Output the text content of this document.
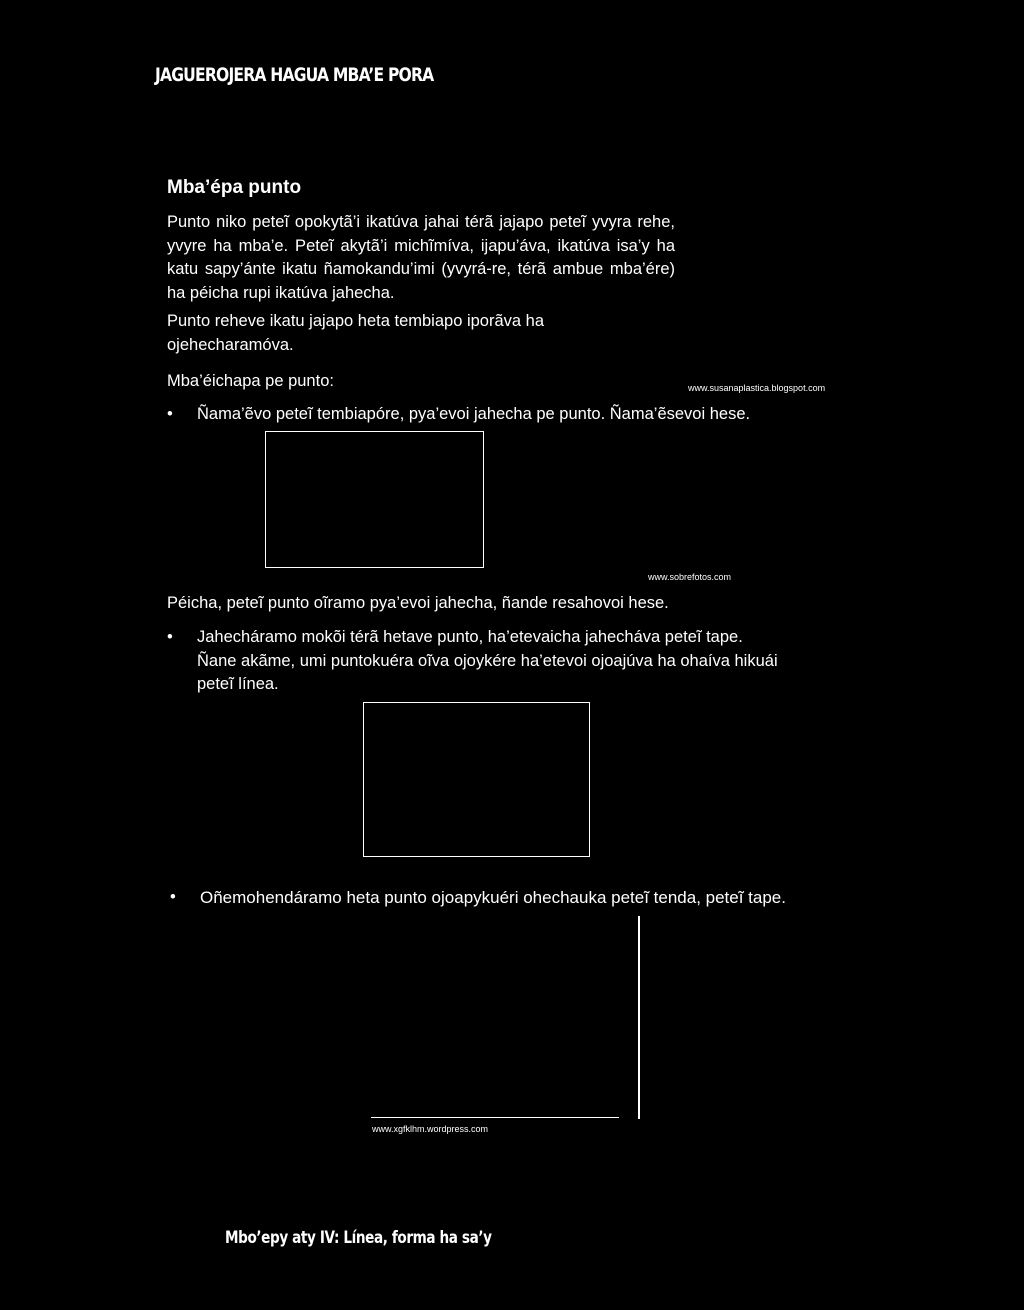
JAGUEROJERA HAGUA MBA’E PORA
Mba’épa punto
Punto niko peteĩ opokytã’i ikatúva jahai térã jajapo peteĩ yvyra rehe, yvyre ha mba’e. Peteĩ akytã’i michĩmíva, ijapu’áva, ikatúva isa’y ha katu sapy’ánte ikatu ñamokandu’imi (yvyrá-re, térã ambue mba’ére) ha péicha rupi ikatúva jahecha.
Punto reheve ikatu jajapo heta tembiapo iporãva ha ojehecharamóva.
Mba’éichapa pe punto:	www.susanaplastica.blogspot.com
• Ñama’ẽvo peteĩ tembiapóre, pya’evoi jahecha pe punto. Ñama’ẽsevoi hese.
www.sobrefotos.com
Péicha, peteĩ punto oĩramo pya’evoi jahecha, ñande resahovoi hese.
• Jahecháramo mokõi térã hetave punto, ha’etevaicha jahecháva peteĩ tape.
Ñane akãme, umi puntokuéra oĩva ojoykére ha’etevoi ojoajúva ha ohaíva hikuái
peteĩ línea.
• Oñemohendáramo heta punto ojoapykuéri ohechauka peteĩ tenda, peteĩ tape.
www.xgfklhm.wordpress.com
Mbo’epy aty IV: Línea, forma ha sa’y
